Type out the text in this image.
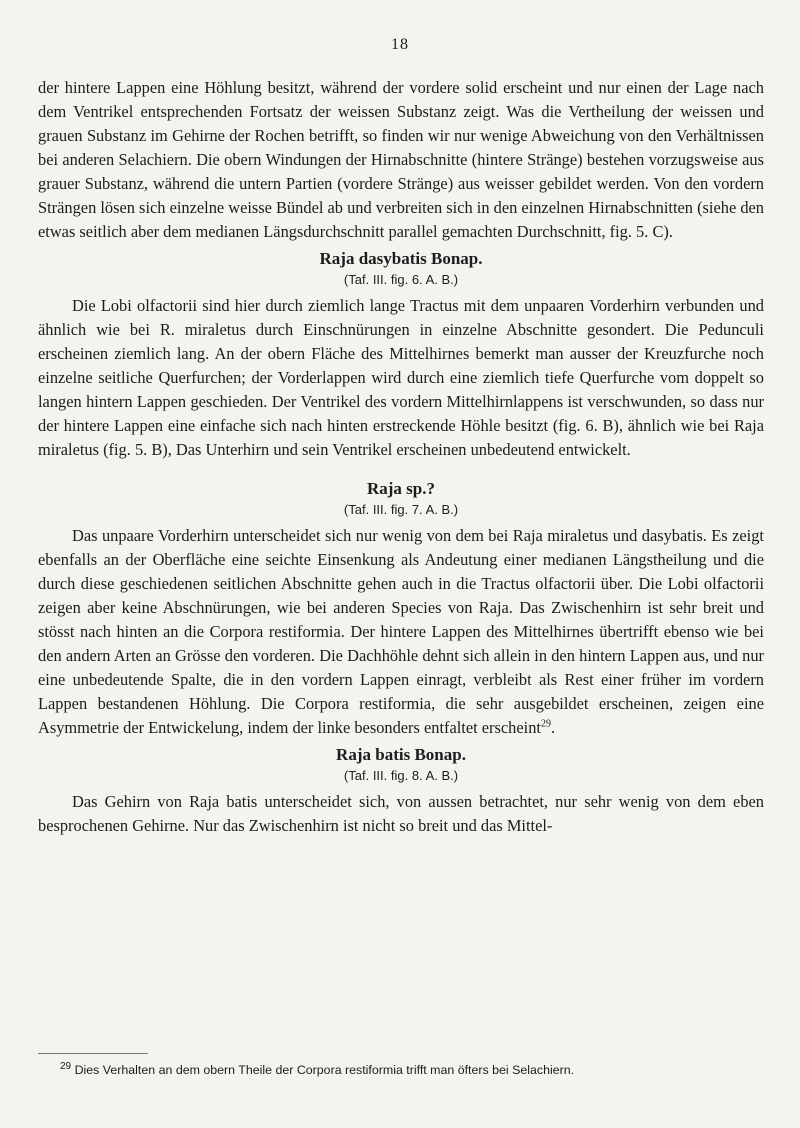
18

der hintere Lappen eine Höhlung besitzt, während der vordere solid erscheint und nur einen der Lage nach dem Ventrikel entsprechenden Fortsatz der weissen Substanz zeigt. Was die Vertheilung der weissen und grauen Substanz im Gehirne der Rochen betrifft, so finden wir nur wenige Abweichung von den Verhältnissen bei anderen Selachiern. Die obern Windungen der Hirnabschnitte (hintere Stränge) bestehen vorzugsweise aus grauer Substanz, während die untern Partien (vordere Stränge) aus weisser gebildet werden. Von den vordern Strängen lösen sich einzelne weisse Bündel ab und verbreiten sich in den einzelnen Hirnabschnitten (siehe den etwas seitlich aber dem medianen Längsdurchschnitt parallel gemachten Durchschnitt, fig. 5. C).

Raja dasybatis Bonap.
(Taf. III. fig. 6. A. B.)

Die Lobi olfactorii sind hier durch ziemlich lange Tractus mit dem unpaaren Vorderhirn verbunden und ähnlich wie bei R. miraletus durch Einschnürungen in einzelne Abschnitte gesondert. Die Pedunculi erscheinen ziemlich lang. An der obern Fläche des Mittelhirnes bemerkt man ausser der Kreuzfurche noch einzelne seitliche Querfurchen; der Vorderlappen wird durch eine ziemlich tiefe Querfurche vom doppelt so langen hintern Lappen geschieden. Der Ventrikel des vordern Mittelhirnlappens ist verschwunden, so dass nur der hintere Lappen eine einfache sich nach hinten erstreckende Höhle besitzt (fig. 6. B), ähnlich wie bei Raja miraletus (fig. 5. B), Das Unterhirn und sein Ventrikel erscheinen unbedeutend entwickelt.

Raja sp.?
(Taf. III. fig. 7. A. B.)

Das unpaare Vorderhirn unterscheidet sich nur wenig von dem bei Raja miraletus und dasybatis. Es zeigt ebenfalls an der Oberfläche eine seichte Einsenkung als Andeutung einer medianen Längstheilung und die durch diese geschiedenen seitlichen Abschnitte gehen auch in die Tractus olfactorii über. Die Lobi olfactorii zeigen aber keine Abschnürungen, wie bei anderen Species von Raja. Das Zwischenhirn ist sehr breit und stösst nach hinten an die Corpora restiformia. Der hintere Lappen des Mittelhirnes übertrifft ebenso wie bei den andern Arten an Grösse den vorderen. Die Dachhöhle dehnt sich allein in den hintern Lappen aus, und nur eine unbedeutende Spalte, die in den vordern Lappen einragt, verbleibt als Rest einer früher im vordern Lappen bestandenen Höhlung. Die Corpora restiformia, die sehr ausgebildet erscheinen, zeigen eine Asymmetrie der Entwickelung, indem der linke besonders entfaltet erscheint$^{29}$.

Raja batis Bonap.
(Taf. III. fig. 8. A. B.)

Das Gehirn von Raja batis unterscheidet sich, von aussen betrachtet, nur sehr wenig von dem eben besprochenen Gehirne. Nur das Zwischenhirn ist nicht so breit und das Mittel-

$^{29}$ Dies Verhalten an dem obern Theile der Corpora restiformia trifft man öfters bei Selachiern.
